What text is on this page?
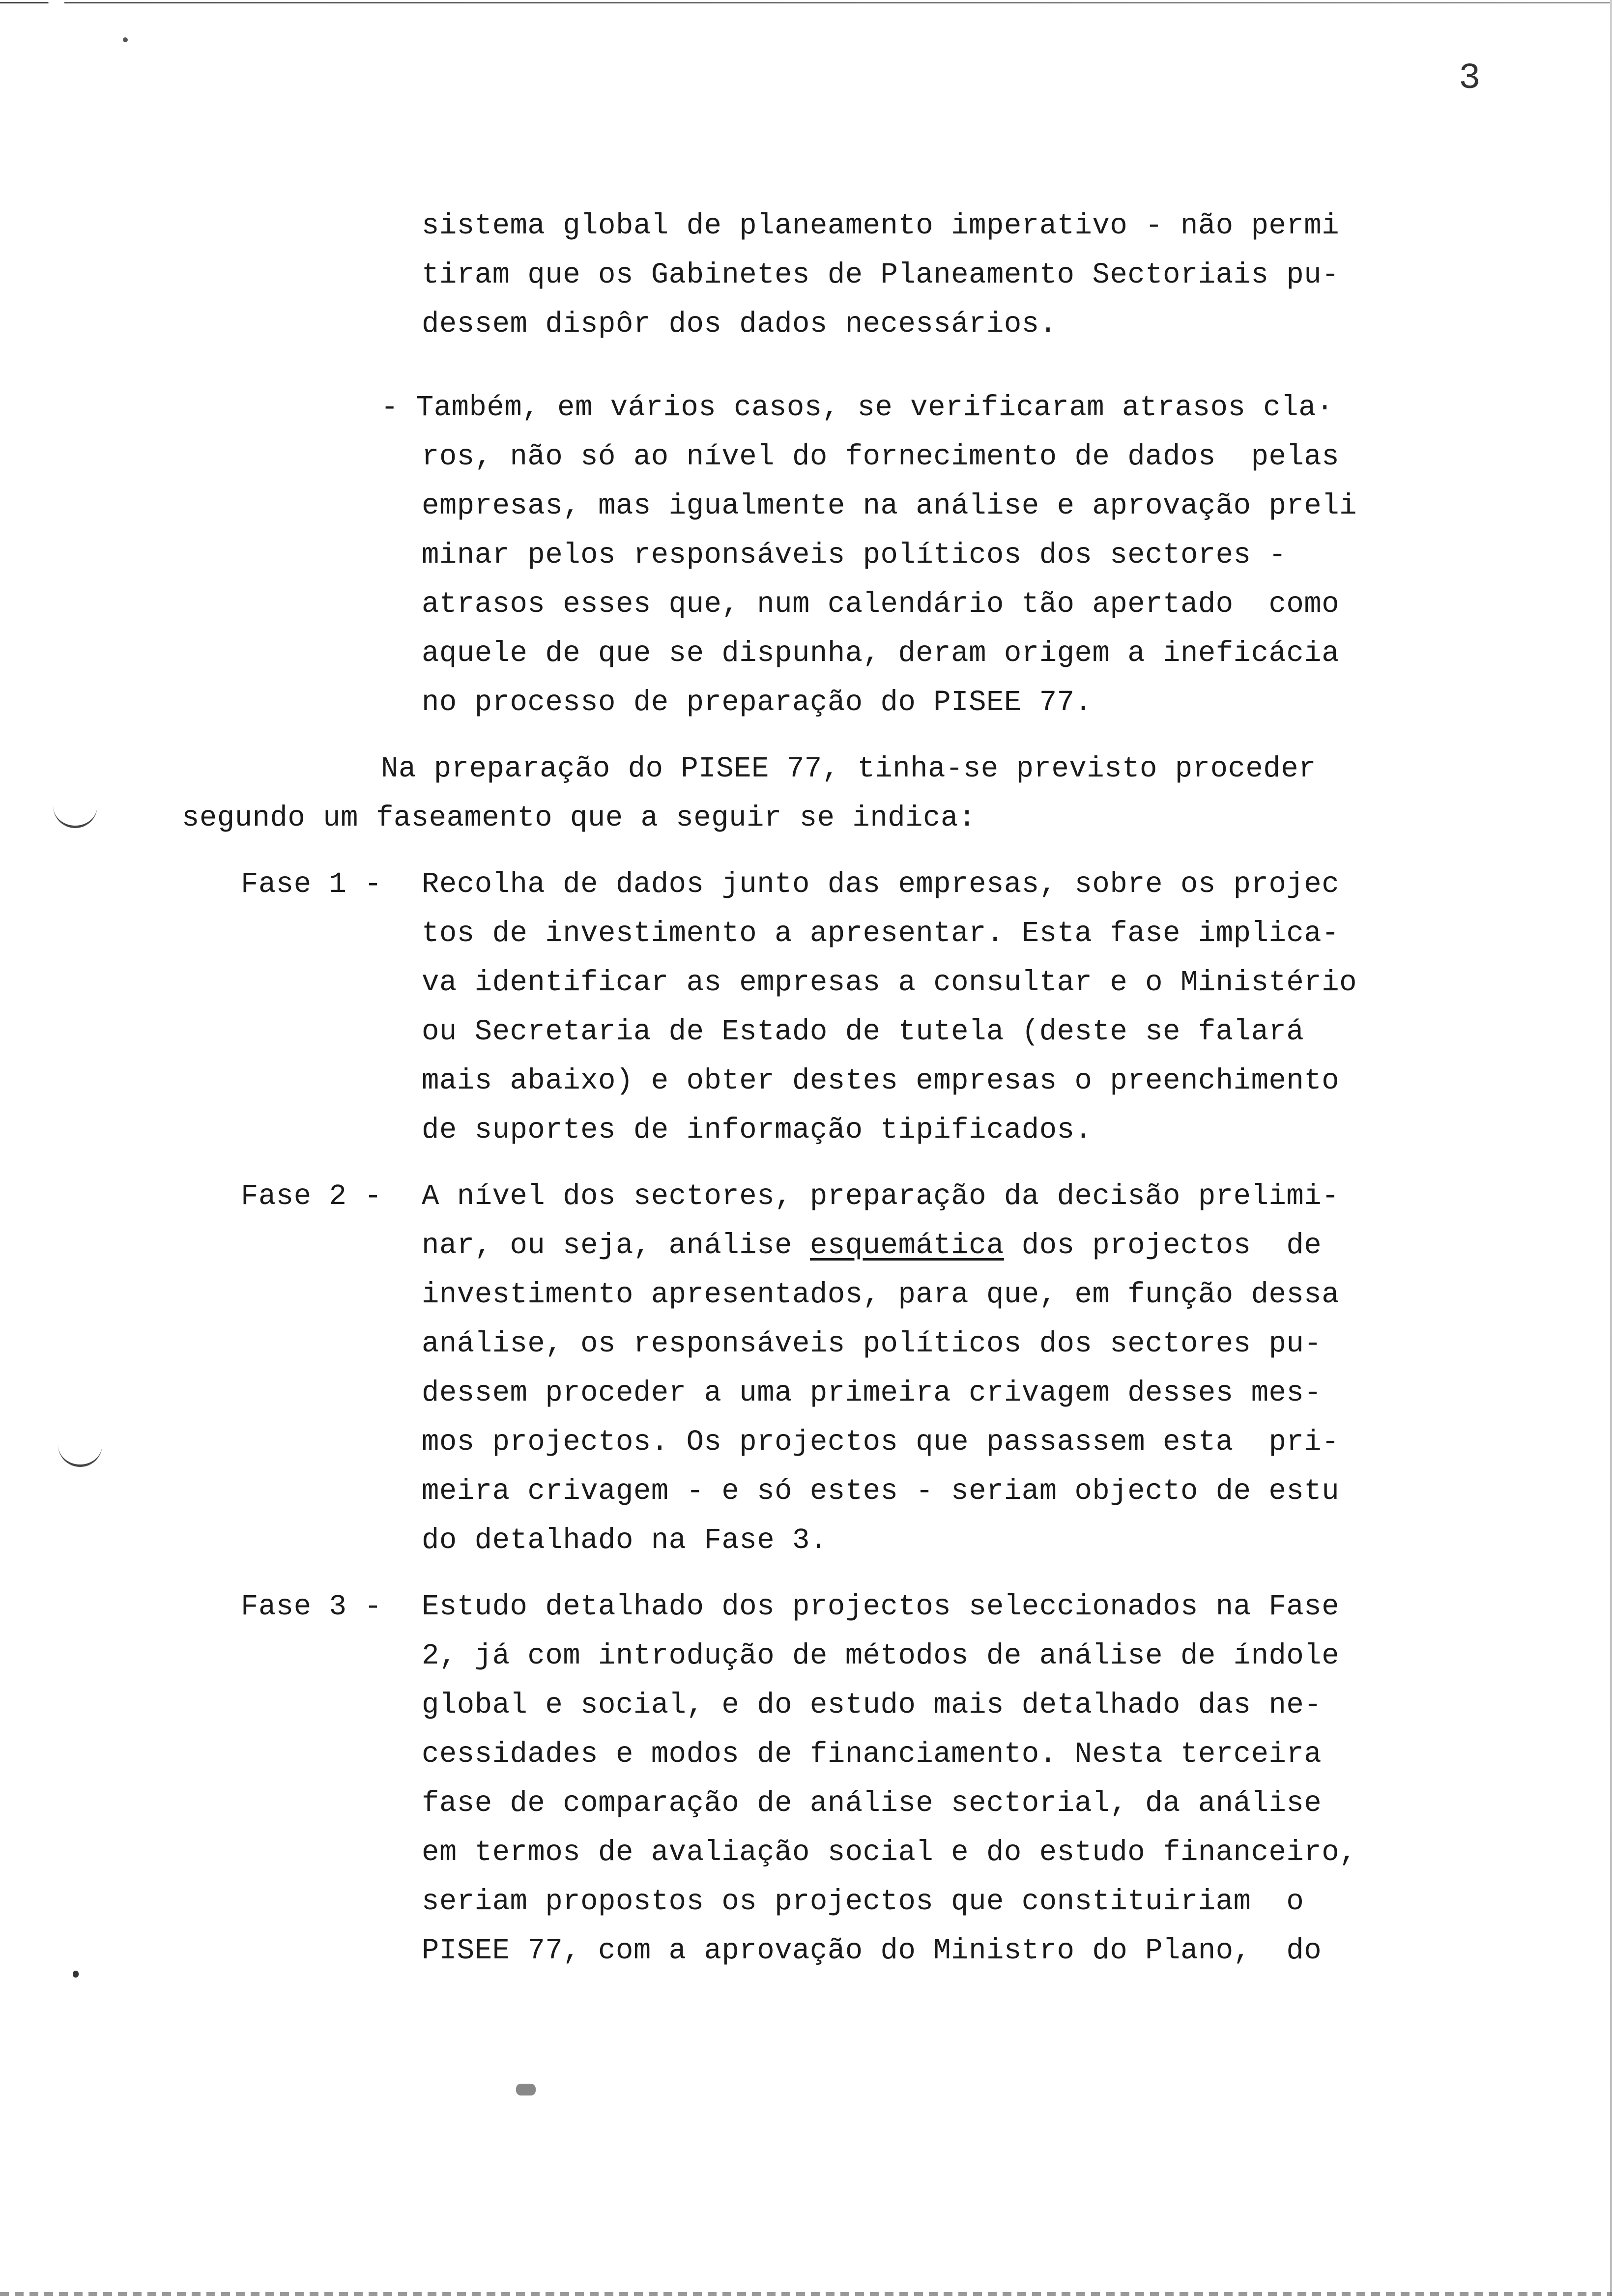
3
sistema global de planeamento imperativo - não permi
tiram que os Gabinetes de Planeamento Sectoriais pu-
dessem dispôr dos dados necessários.
- Também, em vários casos, se verificaram atrasos cla·
ros, não só ao nível do fornecimento de dados  pelas
empresas, mas igualmente na análise e aprovação preli
minar pelos responsáveis políticos dos sectores -
atrasos esses que, num calendário tão apertado  como
aquele de que se dispunha, deram origem a ineficácia
no processo de preparação do PISEE 77.
Na preparação do PISEE 77, tinha-se previsto proceder
segundo um faseamento que a seguir se indica:
Fase 1 - Recolha de dados junto das empresas, sobre os projec
tos de investimento a apresentar. Esta fase implica-
va identificar as empresas a consultar e o Ministério
ou Secretaria de Estado de tutela (deste se falará
mais abaixo) e obter destes empresas o preenchimento
de suportes de informação tipificados.
Fase 2 - A nível dos sectores, preparação da decisão prelimi-
nar, ou seja, análise esquemática dos projectos  de
investimento apresentados, para que, em função dessa
análise, os responsáveis políticos dos sectores pu-
dessem proceder a uma primeira crivagem desses mes-
mos projectos. Os projectos que passassem esta  pri-
meira crivagem - e só estes - seriam objecto de estu
do detalhado na Fase 3.
Fase 3 - Estudo detalhado dos projectos seleccionados na Fase
2, já com introdução de métodos de análise de índole
global e social, e do estudo mais detalhado das ne-
cessidades e modos de financiamento. Nesta terceira
fase de comparação de análise sectorial, da análise
em termos de avaliação social e do estudo financeiro,
seriam propostos os projectos que constituiriam  o
PISEE 77, com a aprovação do Ministro do Plano,  do
